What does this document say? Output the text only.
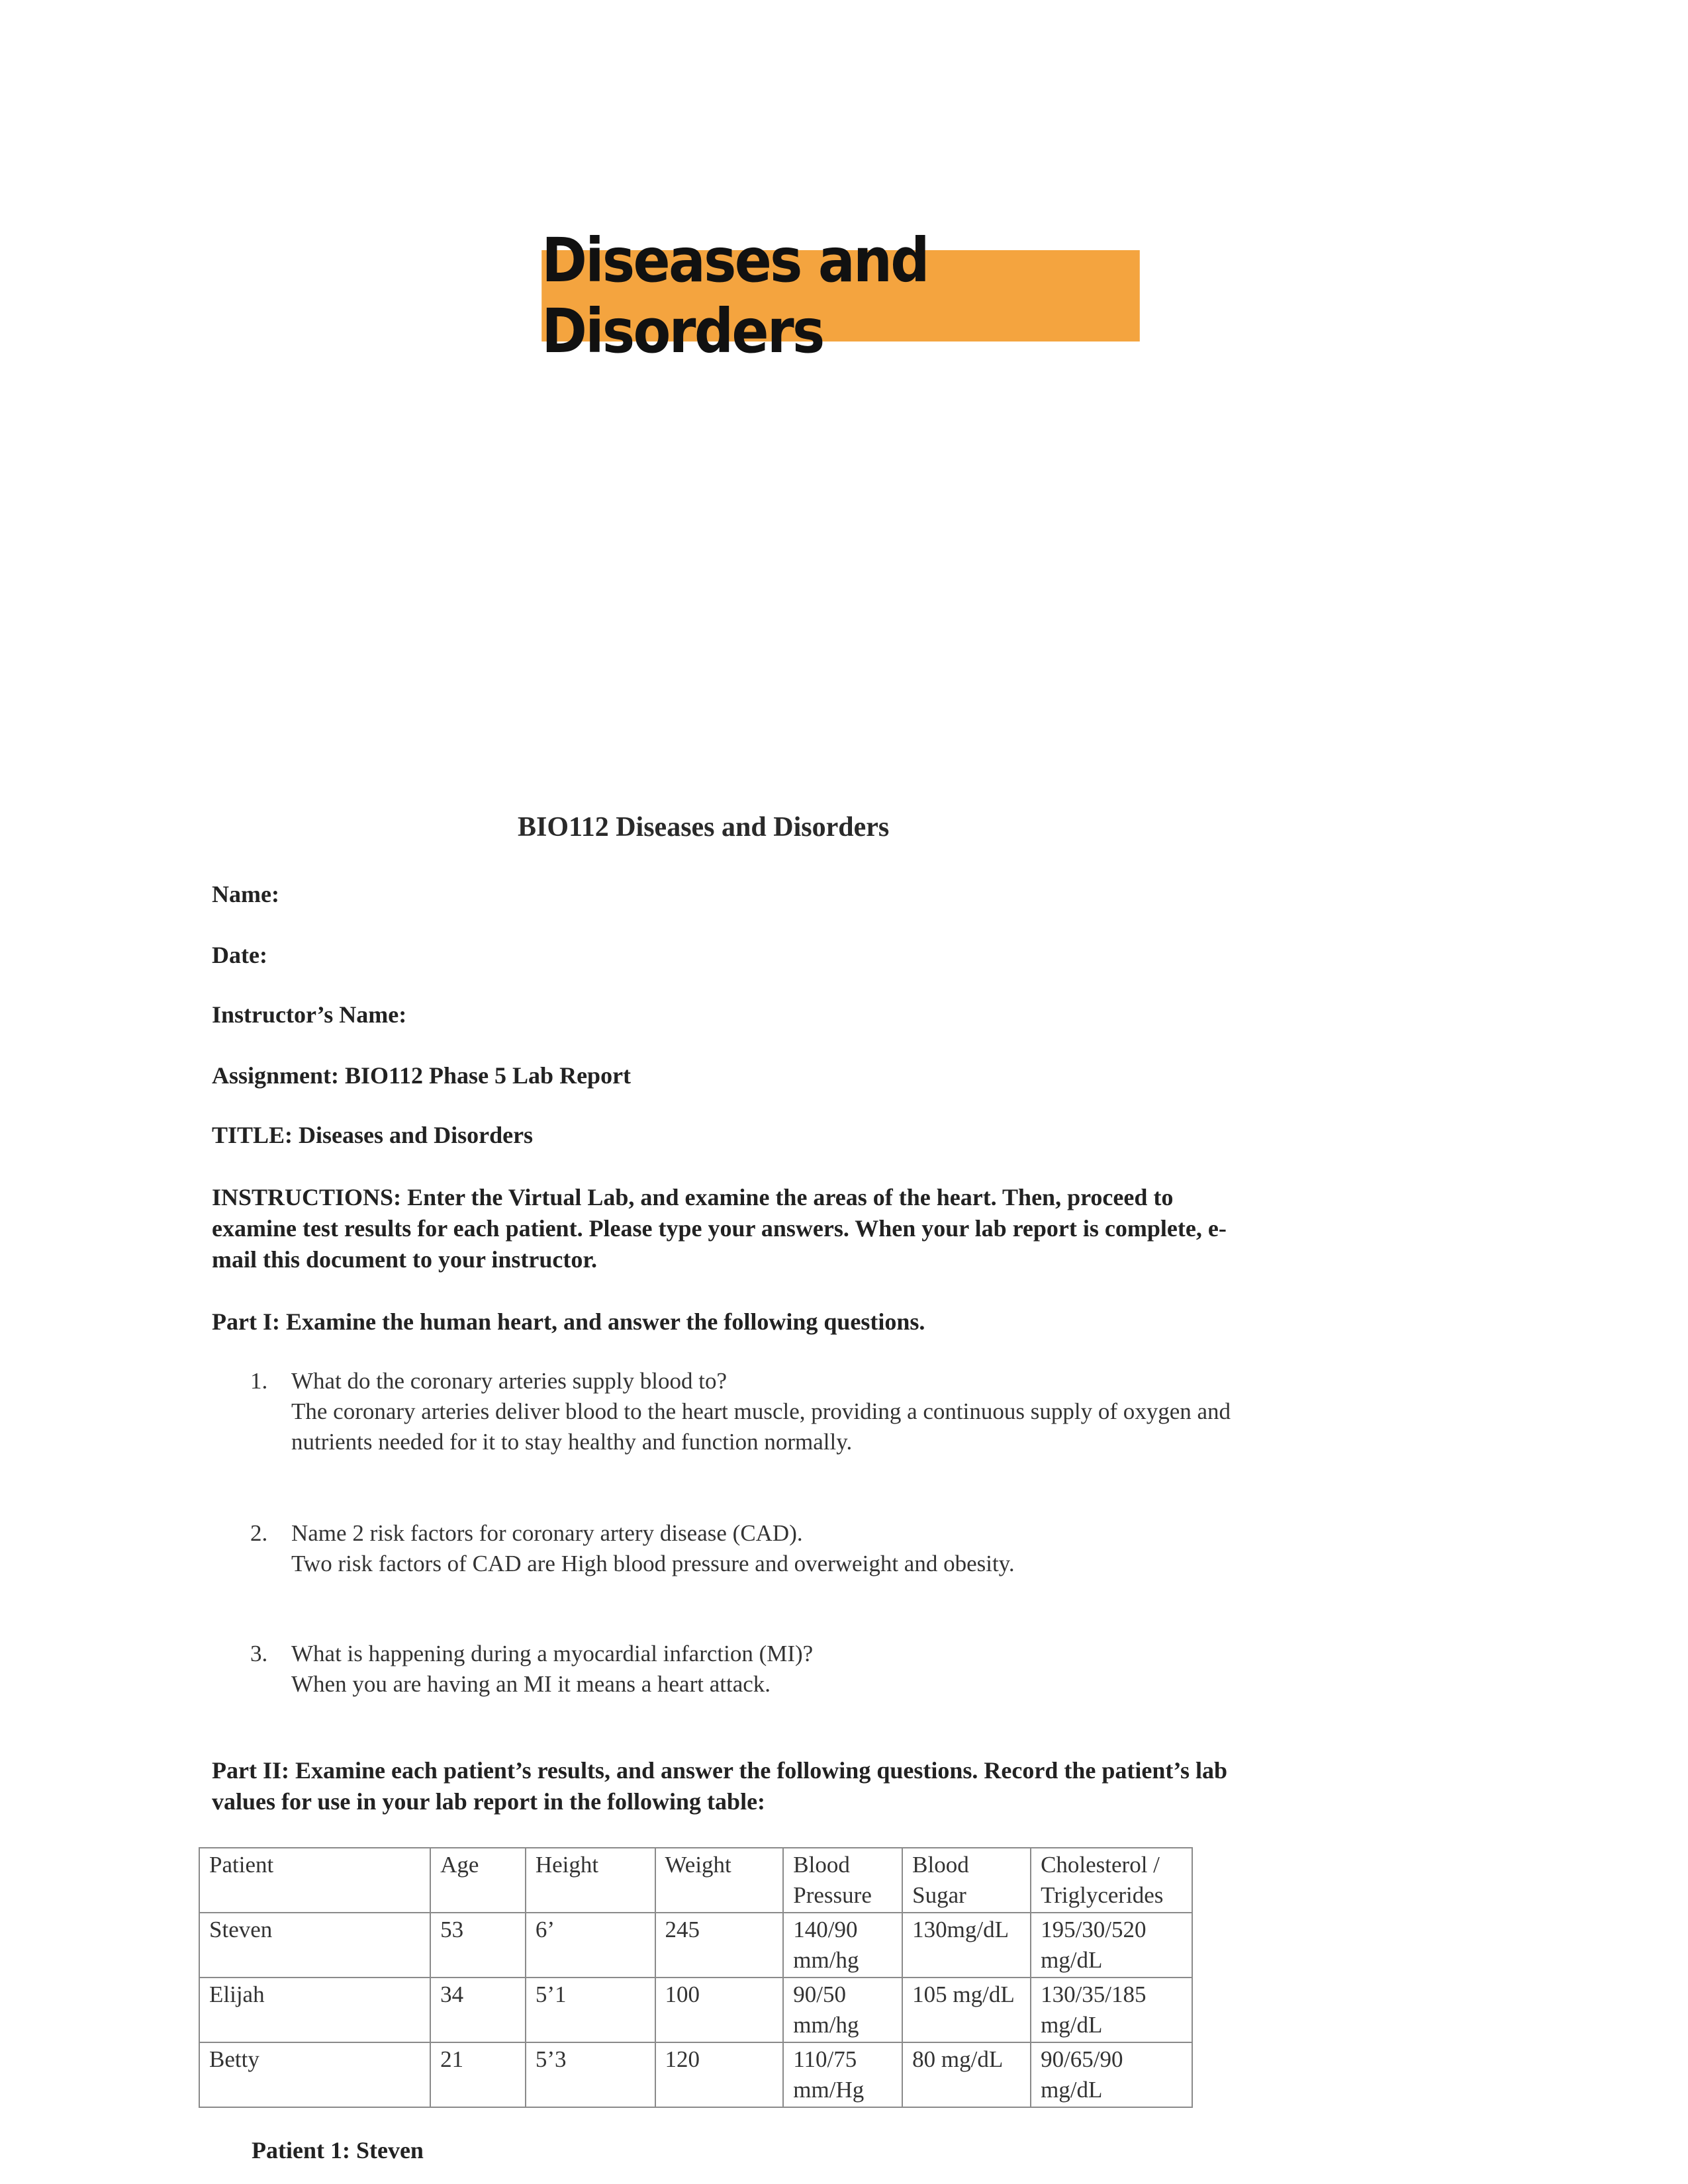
Diseases and Disorders
BIO112 Diseases and Disorders
Name:
Date:
Instructor’s Name:
Assignment: BIO112 Phase 5 Lab Report
TITLE: Diseases and Disorders
INSTRUCTIONS: Enter the Virtual Lab, and examine the areas of the heart. Then, proceed to examine test results for each patient. Please type your answers. When your lab report is complete, e-mail this document to your instructor.
Part I: Examine the human heart, and answer the following questions.
1. What do the coronary arteries supply blood to?
The coronary arteries deliver blood to the heart muscle, providing a continuous supply of oxygen and nutrients needed for it to stay healthy and function normally.
2. Name 2 risk factors for coronary artery disease (CAD).
Two risk factors of CAD are High blood pressure and overweight and obesity.
3. What is happening during a myocardial infarction (MI)?
When you are having an MI it means a heart attack.
Part II: Examine each patient’s results, and answer the following questions. Record the patient’s lab values for use in your lab report in the following table:
Patient	Age	Height	Weight	Blood Pressure	Blood Sugar	Cholesterol / Triglycerides
Steven	53	6’	245	140/90 mm/hg	130mg/dL	195/30/520 mg/dL
Elijah	34	5’1	100	90/50 mm/hg	105 mg/dL	130/35/185 mg/dL
Betty	21	5’3	120	110/75 mm/Hg	80 mg/dL	90/65/90 mg/dL
Patient 1: Steven
